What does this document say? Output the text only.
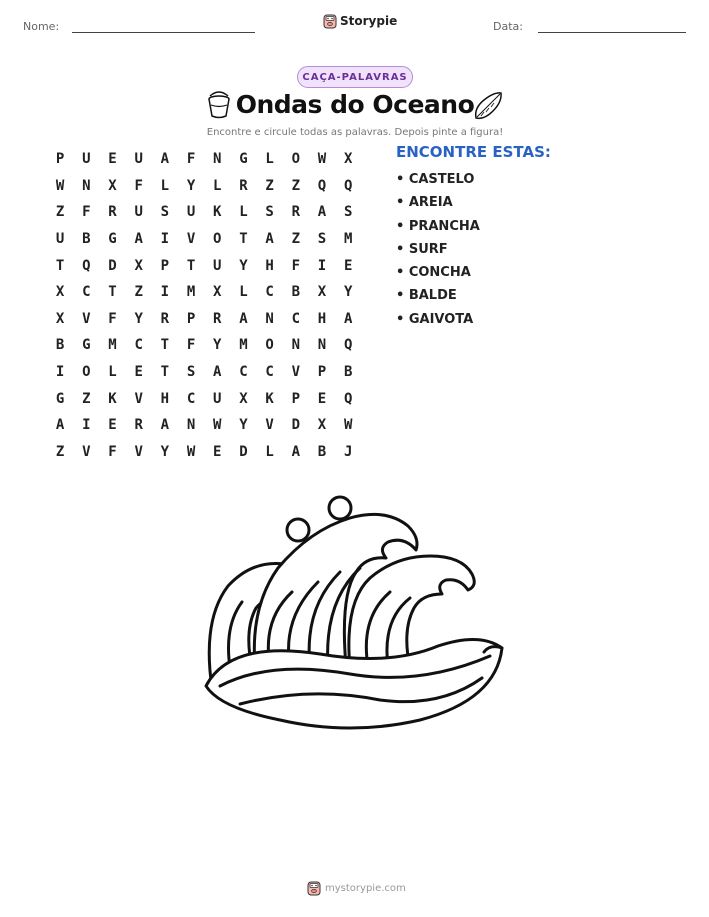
Nome:	Data:
Storypie
CAÇA-PALAVRAS
Ondas do Oceano
Encontre e circule todas as palavras. Depois pinte a figura!
P	U	E	U	A	F	N	G	L	O	W	X
W	N	X	F	L	Y	L	R	Z	Z	Q	Q
Z	F	R	U	S	U	K	L	S	R	A	S
U	B	G	A	I	V	O	T	A	Z	S	M
T	Q	D	X	P	T	U	Y	H	F	I	E
X	C	T	Z	I	M	X	L	C	B	X	Y
X	V	F	Y	R	P	R	A	N	C	H	A
B	G	M	C	T	F	Y	M	O	N	N	Q
I	O	L	E	T	S	A	C	C	V	P	B
G	Z	K	V	H	C	U	X	K	P	E	Q
A	I	E	R	A	N	W	Y	V	D	X	W
Z	V	F	V	Y	W	E	D	L	A	B	J
ENCONTRE ESTAS:
• CASTELO
• AREIA
• PRANCHA
• SURF
• CONCHA
• BALDE
• GAIVOTA
mystorypie.com
